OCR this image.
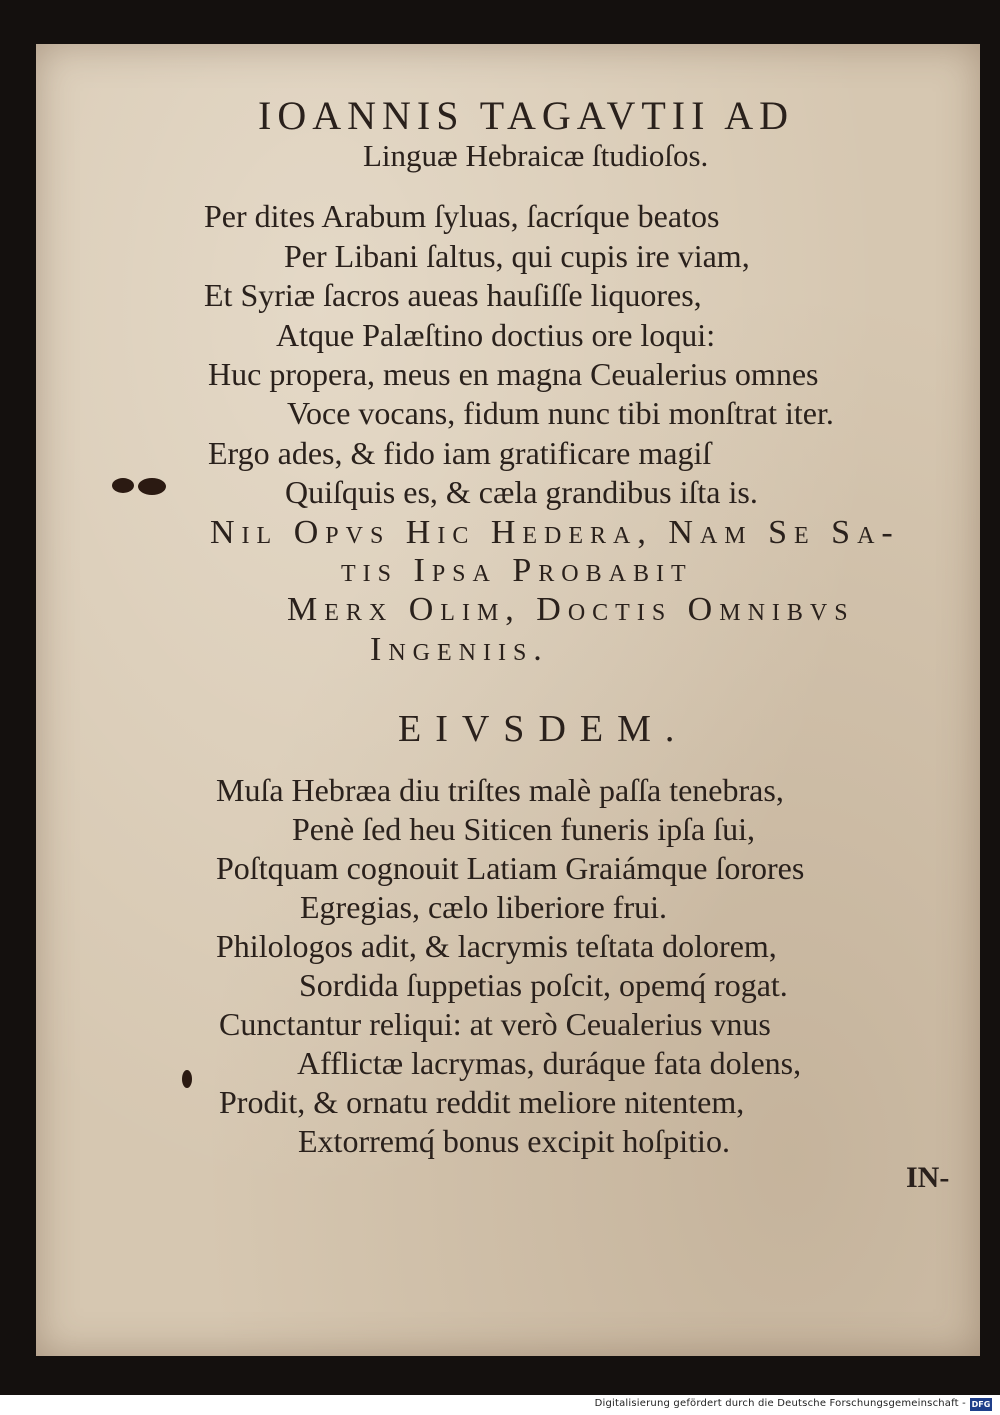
IOANNIS TAGAVTII AD
Linguæ Hebraicæ ſtudioſos.
Per dites Arabum ſyluas, ſacríque beatos
Per Libani ſaltus, qui cupis ire viam,
Et Syriæ ſacros aueas hauſiſſe liquores,
Atque Palæſtino doctius ore loqui:
Huc propera, meus en magna Ceualerius omnes
Voce vocans, fidum nunc tibi monſtrat iter.
Ergo ades, & fido iam gratificare magiſ
Quiſquis es, & cæla grandibus iſta is.
Nil Opvs Hic Hedera, Nam Se Sa-
tis Ipsa Probabit
Merx Olim, Doctis Omnibvs
Ingeniis.
EIVSDEM.
Muſa Hebræa diu triſtes malè paſſa tenebras,
Penè ſed heu Siticen funeris ipſa ſui,
Poſtquam cognouit Latiam Graiámque ſorores
Egregias, cælo liberiore frui.
Philologos adit, & lacrymis teſtata dolorem,
Sordida ſuppetias poſcit, opemq́ rogat.
Cunctantur reliqui: at verò Ceualerius vnus
Afflictæ lacrymas, duráque fata dolens,
Prodit, & ornatu reddit meliore nitentem,
Extorremq́ bonus excipit hoſpitio.
IN-
Digitalisierung gefördert durch die Deutsche Forschungsgemeinschaft - DFG
